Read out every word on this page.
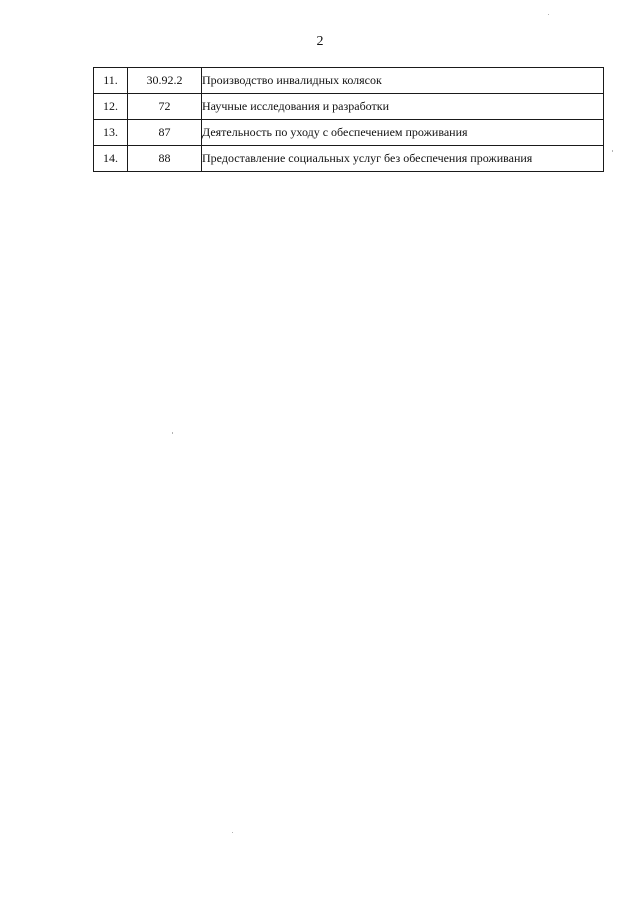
2
11.	30.92.2	Производство инвалидных колясок
12.	72	Научные исследования и разработки
13.	87	Деятельность по уходу с обеспечением проживания
14.	88	Предоставление социальных услуг без обеспечения проживания
